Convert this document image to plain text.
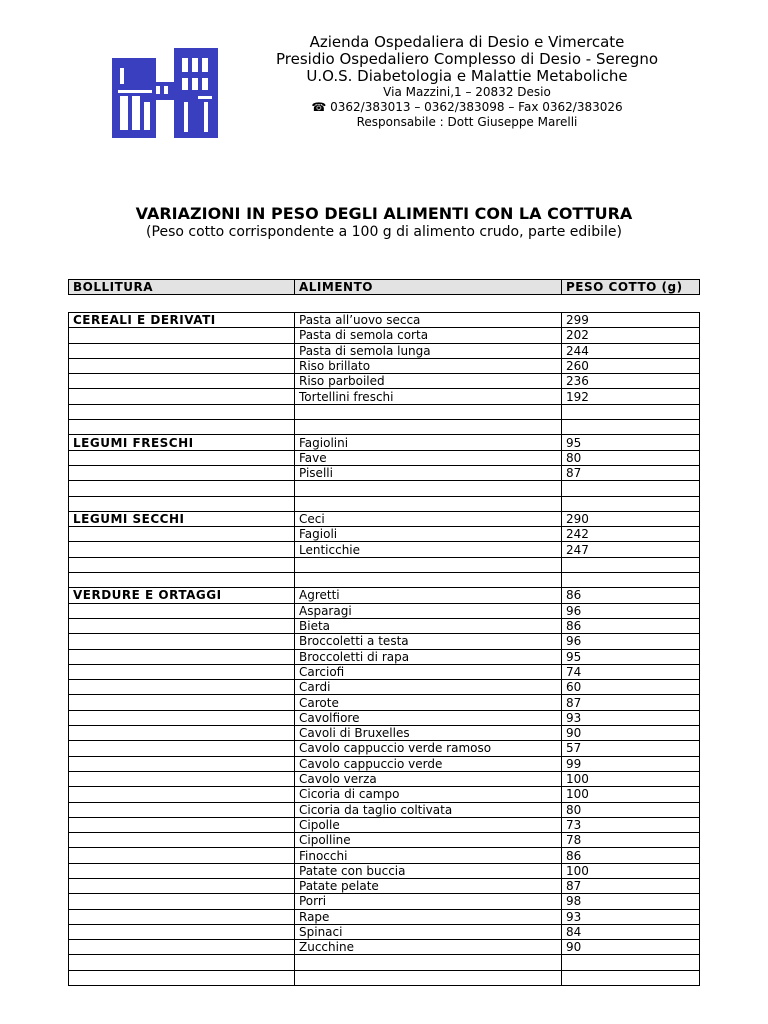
Azienda Ospedaliera di Desio e Vimercate
Presidio Ospedaliero Complesso di Desio - Seregno
U.O.S. Diabetologia e Malattie Metaboliche
Via Mazzini,1 – 20832 Desio
☎ 0362/383013 – 0362/383098 – Fax 0362/383026
Responsabile : Dott Giuseppe Marelli
VARIAZIONI IN PESO DEGLI ALIMENTI CON LA COTTURA
(Peso cotto corrispondente a 100 g di alimento crudo, parte edibile)
BOLLITURA	ALIMENTO	PESO COTTO (g)
CEREALI E DERIVATI	Pasta all’uovo secca	299
	Pasta di semola corta	202
	Pasta di semola lunga	244
	Riso brillato	260
	Riso parboiled	236
	Tortellini freschi	192

LEGUMI FRESCHI	Fagiolini	95
	Fave	80
	Piselli	87

LEGUMI SECCHI	Ceci	290
	Fagioli	242
	Lenticchie	247

VERDURE E ORTAGGI	Agretti	86
	Asparagi	96
	Bieta	86
	Broccoletti a testa	96
	Broccoletti di rapa	95
	Carciofi	74
	Cardi	60
	Carote	87
	Cavolfiore	93
	Cavoli di Bruxelles	90
	Cavolo cappuccio verde ramoso	57
	Cavolo cappuccio verde	99
	Cavolo verza	100
	Cicoria di campo	100
	Cicoria da taglio coltivata	80
	Cipolle	73
	Cipolline	78
	Finocchi	86
	Patate con buccia	100
	Patate pelate	87
	Porri	98
	Rape	93
	Spinaci	84
	Zucchine	90
